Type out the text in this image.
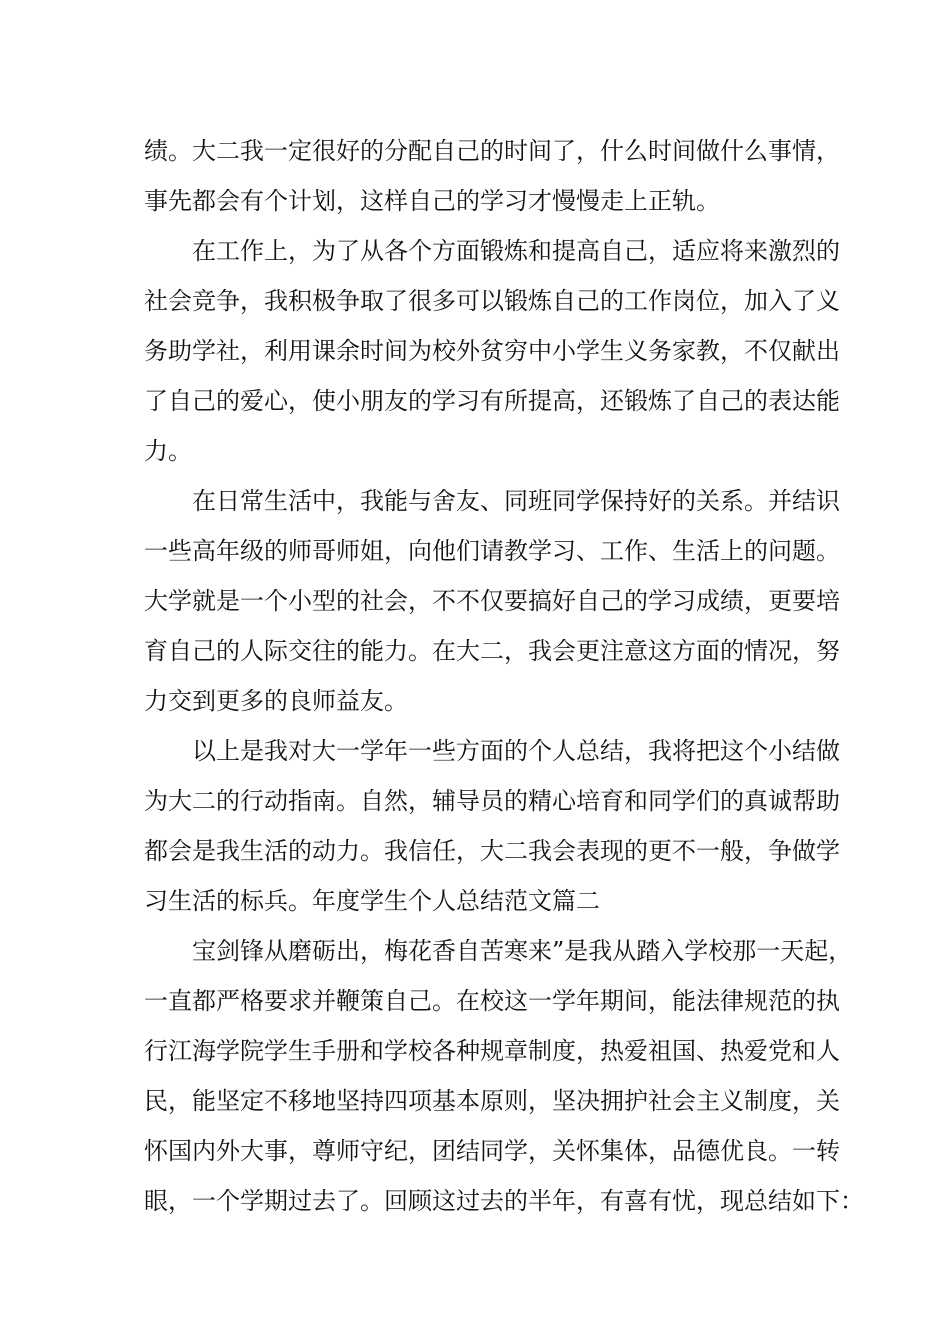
绩。大二我一定很好的分配自己的时间了，什么时间做什么事情，

事先都会有个计划，这样自己的学习才慢慢走上正轨。

　　在工作上，为了从各个方面锻炼和提高自己，适应将来激烈的

社会竞争，我积极争取了很多可以锻炼自己的工作岗位，加入了义

务助学社，利用课余时间为校外贫穷中小学生义务家教，不仅献出

了自己的爱心，使小朋友的学习有所提高，还锻炼了自己的表达能

力。

　　在日常生活中，我能与舍友、同班同学保持好的关系。并结识

一些高年级的师哥师姐，向他们请教学习、工作、生活上的问题。

大学就是一个小型的社会，不不仅要搞好自己的学习成绩，更要培

育自己的人际交往的能力。在大二，我会更注意这方面的情况，努

力交到更多的良师益友。

　　以上是我对大一学年一些方面的个人总结，我将把这个小结做

为大二的行动指南。自然，辅导员的精心培育和同学们的真诚帮助

都会是我生活的动力。我信任，大二我会表现的更不一般，争做学

习生活的标兵。年度学生个人总结范文篇二

　　宝剑锋从磨砺出，梅花香自苦寒来”是我从踏入学校那一天起，

一直都严格要求并鞭策自己。在校这一学年期间，能法律规范的执

行江海学院学生手册和学校各种规章制度，热爱祖国、热爱党和人

民，能坚定不移地坚持四项基本原则，坚决拥护社会主义制度，关

怀国内外大事，尊师守纪，团结同学，关怀集体，品德优良。一转

眼，一个学期过去了。回顾这过去的半年，有喜有忧，现总结如下：
